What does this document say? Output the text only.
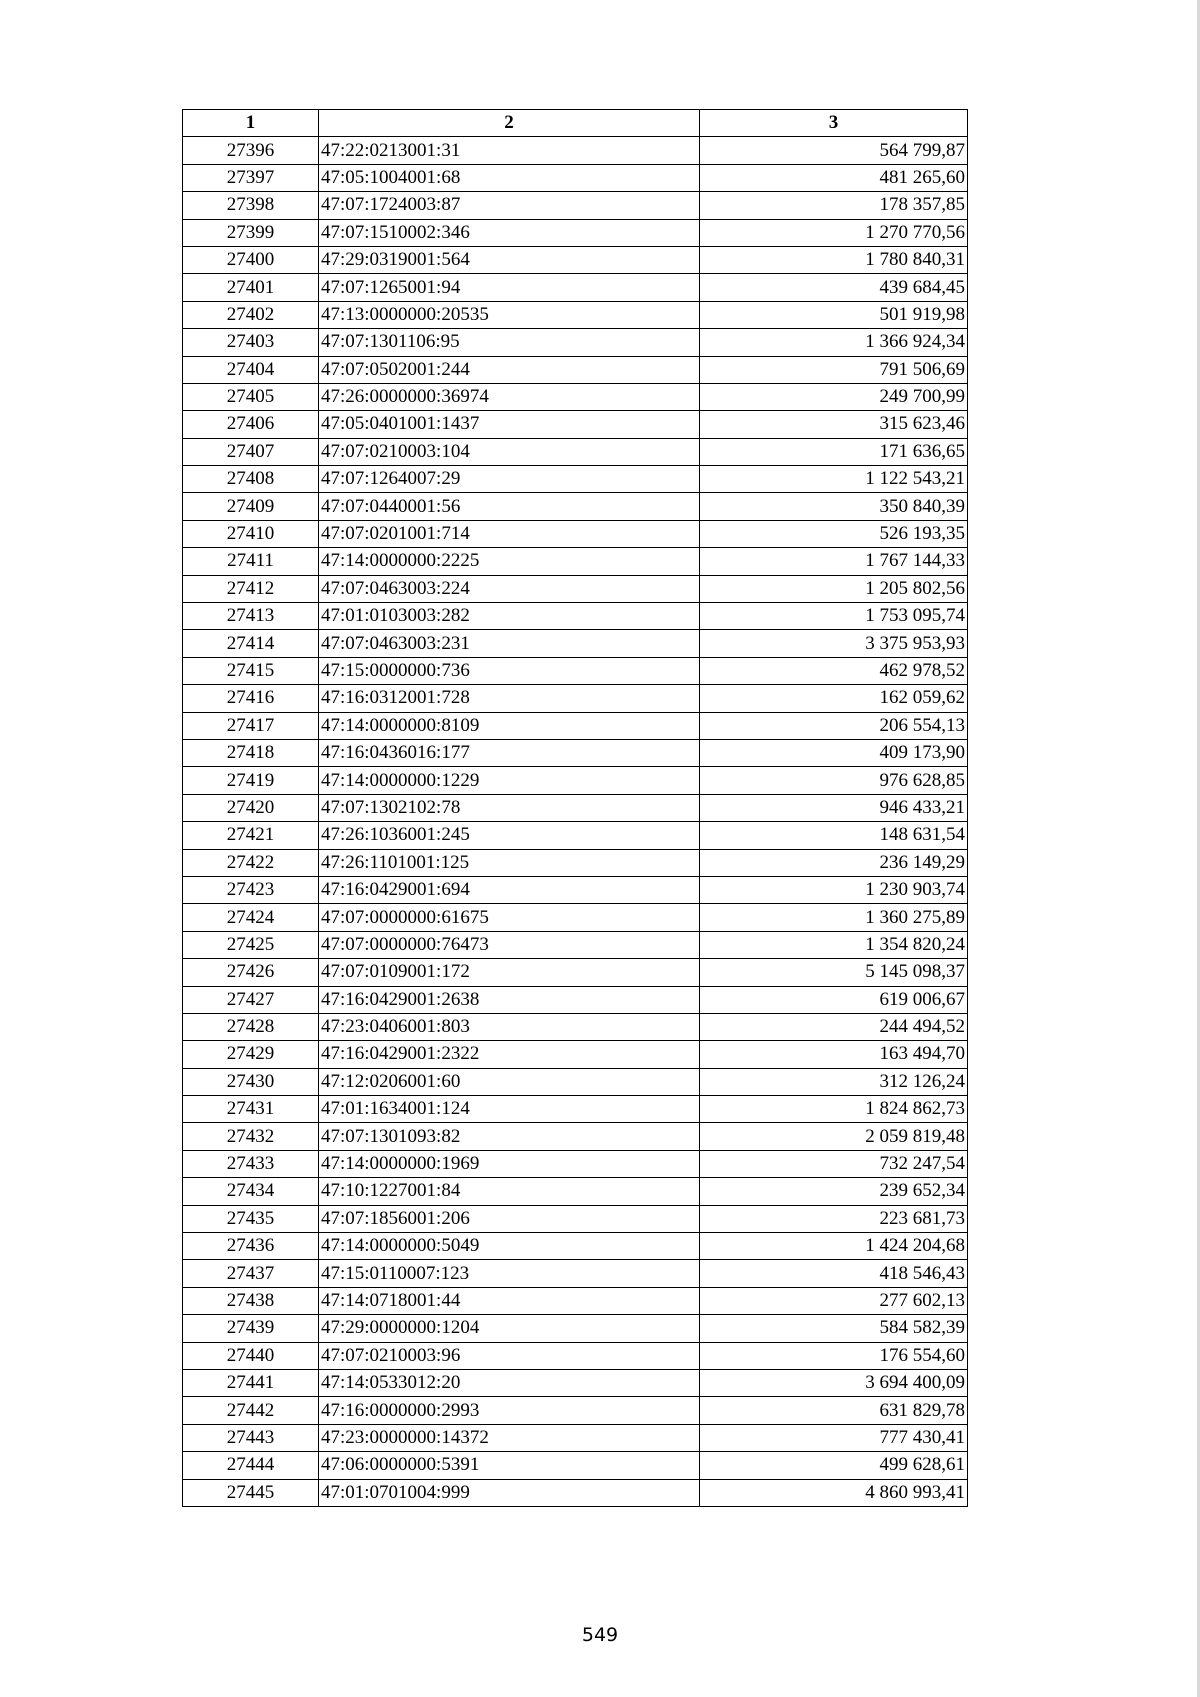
1	2	3
27396	47:22:0213001:31	564 799,87
27397	47:05:1004001:68	481 265,60
27398	47:07:1724003:87	178 357,85
27399	47:07:1510002:346	1 270 770,56
27400	47:29:0319001:564	1 780 840,31
27401	47:07:1265001:94	439 684,45
27402	47:13:0000000:20535	501 919,98
27403	47:07:1301106:95	1 366 924,34
27404	47:07:0502001:244	791 506,69
27405	47:26:0000000:36974	249 700,99
27406	47:05:0401001:1437	315 623,46
27407	47:07:0210003:104	171 636,65
27408	47:07:1264007:29	1 122 543,21
27409	47:07:0440001:56	350 840,39
27410	47:07:0201001:714	526 193,35
27411	47:14:0000000:2225	1 767 144,33
27412	47:07:0463003:224	1 205 802,56
27413	47:01:0103003:282	1 753 095,74
27414	47:07:0463003:231	3 375 953,93
27415	47:15:0000000:736	462 978,52
27416	47:16:0312001:728	162 059,62
27417	47:14:0000000:8109	206 554,13
27418	47:16:0436016:177	409 173,90
27419	47:14:0000000:1229	976 628,85
27420	47:07:1302102:78	946 433,21
27421	47:26:1036001:245	148 631,54
27422	47:26:1101001:125	236 149,29
27423	47:16:0429001:694	1 230 903,74
27424	47:07:0000000:61675	1 360 275,89
27425	47:07:0000000:76473	1 354 820,24
27426	47:07:0109001:172	5 145 098,37
27427	47:16:0429001:2638	619 006,67
27428	47:23:0406001:803	244 494,52
27429	47:16:0429001:2322	163 494,70
27430	47:12:0206001:60	312 126,24
27431	47:01:1634001:124	1 824 862,73
27432	47:07:1301093:82	2 059 819,48
27433	47:14:0000000:1969	732 247,54
27434	47:10:1227001:84	239 652,34
27435	47:07:1856001:206	223 681,73
27436	47:14:0000000:5049	1 424 204,68
27437	47:15:0110007:123	418 546,43
27438	47:14:0718001:44	277 602,13
27439	47:29:0000000:1204	584 582,39
27440	47:07:0210003:96	176 554,60
27441	47:14:0533012:20	3 694 400,09
27442	47:16:0000000:2993	631 829,78
27443	47:23:0000000:14372	777 430,41
27444	47:06:0000000:5391	499 628,61
27445	47:01:0701004:999	4 860 993,41
549
